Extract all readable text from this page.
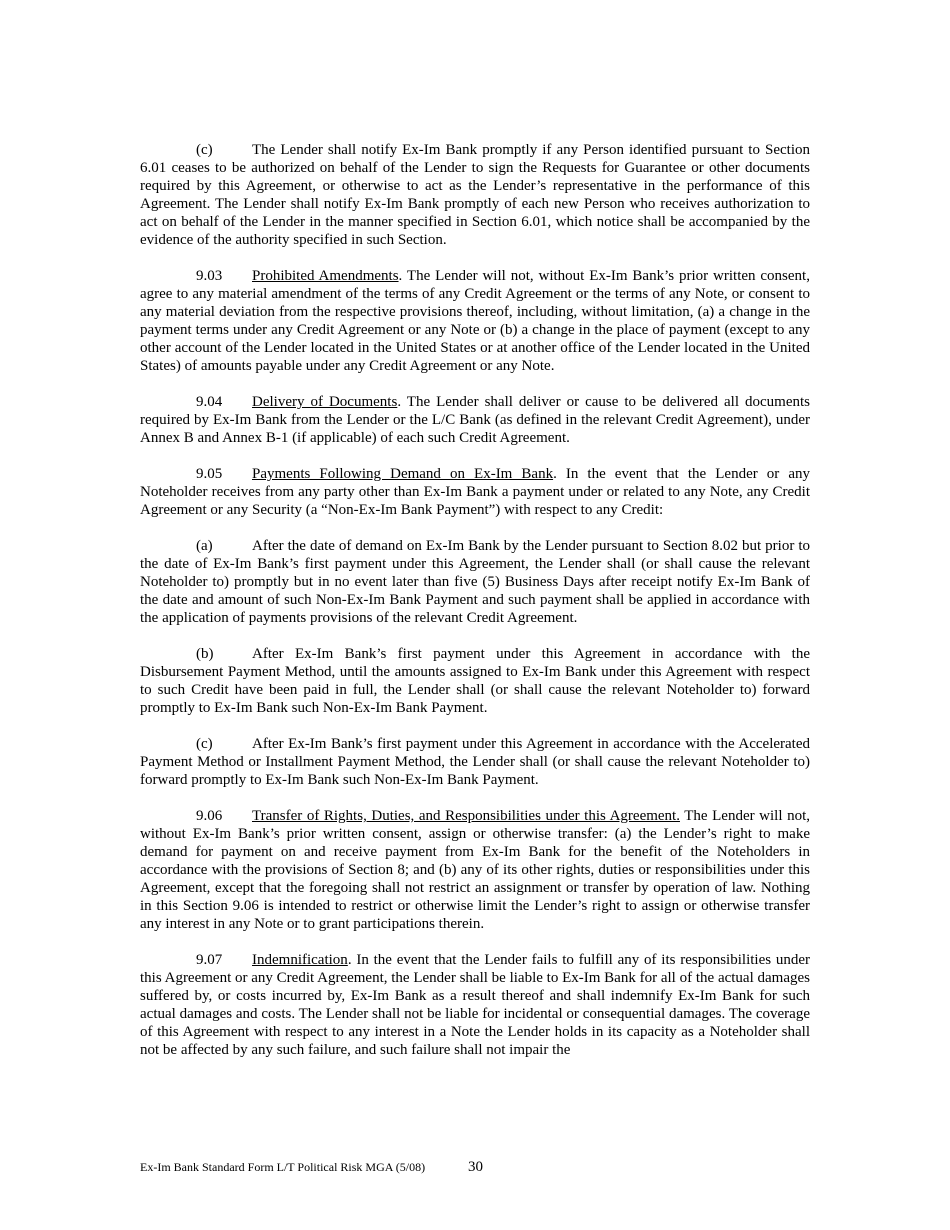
(c)	The Lender shall notify Ex-Im Bank promptly if any Person identified pursuant to Section 6.01 ceases to be authorized on behalf of the Lender to sign the Requests for Guarantee or other documents required by this Agreement, or otherwise to act as the Lender’s representative in the performance of this Agreement. The Lender shall notify Ex-Im Bank promptly of each new Person who receives authorization to act on behalf of the Lender in the manner specified in Section 6.01, which notice shall be accompanied by the evidence of the authority specified in such Section.

9.03 Prohibited Amendments. The Lender will not, without Ex-Im Bank’s prior written consent, agree to any material amendment of the terms of any Credit Agreement or the terms of any Note, or consent to any material deviation from the respective provisions thereof, including, without limitation, (a) a change in the payment terms under any Credit Agreement or any Note or (b) a change in the place of payment (except to any other account of the Lender located in the United States or at another office of the Lender located in the United States) of amounts payable under any Credit Agreement or any Note.

9.04 Delivery of Documents. The Lender shall deliver or cause to be delivered all documents required by Ex-Im Bank from the Lender or the L/C Bank (as defined in the relevant Credit Agreement), under Annex B and Annex B-1 (if applicable) of each such Credit Agreement.

9.05 Payments Following Demand on Ex-Im Bank. In the event that the Lender or any Noteholder receives from any party other than Ex-Im Bank a payment under or related to any Note, any Credit Agreement or any Security (a “Non-Ex-Im Bank Payment”) with respect to any Credit:

(a)	After the date of demand on Ex-Im Bank by the Lender pursuant to Section 8.02 but prior to the date of Ex-Im Bank’s first payment under this Agreement, the Lender shall (or shall cause the relevant Noteholder to) promptly but in no event later than five (5) Business Days after receipt notify Ex-Im Bank of the date and amount of such Non-Ex-Im Bank Payment and such payment shall be applied in accordance with the application of payments provisions of the relevant Credit Agreement.

(b)	After Ex-Im Bank’s first payment under this Agreement in accordance with the Disbursement Payment Method, until the amounts assigned to Ex-Im Bank under this Agreement with respect to such Credit have been paid in full, the Lender shall (or shall cause the relevant Noteholder to) forward promptly to Ex-Im Bank such Non-Ex-Im Bank Payment.

(c)	After Ex-Im Bank’s first payment under this Agreement in accordance with the Accelerated Payment Method or Installment Payment Method, the Lender shall (or shall cause the relevant Noteholder to) forward promptly to Ex-Im Bank such Non-Ex-Im Bank Payment.

9.06 Transfer of Rights, Duties, and Responsibilities under this Agreement. The Lender will not, without Ex-Im Bank’s prior written consent, assign or otherwise transfer: (a) the Lender’s right to make demand for payment on and receive payment from Ex-Im Bank for the benefit of the Noteholders in accordance with the provisions of Section 8; and (b) any of its other rights, duties or responsibilities under this Agreement, except that the foregoing shall not restrict an assignment or transfer by operation of law. Nothing in this Section 9.06 is intended to restrict or otherwise limit the Lender’s right to assign or otherwise transfer any interest in any Note or to grant participations therein.

9.07 Indemnification. In the event that the Lender fails to fulfill any of its responsibilities under this Agreement or any Credit Agreement, the Lender shall be liable to Ex-Im Bank for all of the actual damages suffered by, or costs incurred by, Ex-Im Bank as a result thereof and shall indemnify Ex-Im Bank for such actual damages and costs. The Lender shall not be liable for incidental or consequential damages. The coverage of this Agreement with respect to any interest in a Note the Lender holds in its capacity as a Noteholder shall not be affected by any such failure, and such failure shall not impair the

Ex-Im Bank Standard Form L/T Political Risk MGA (5/08)	30
